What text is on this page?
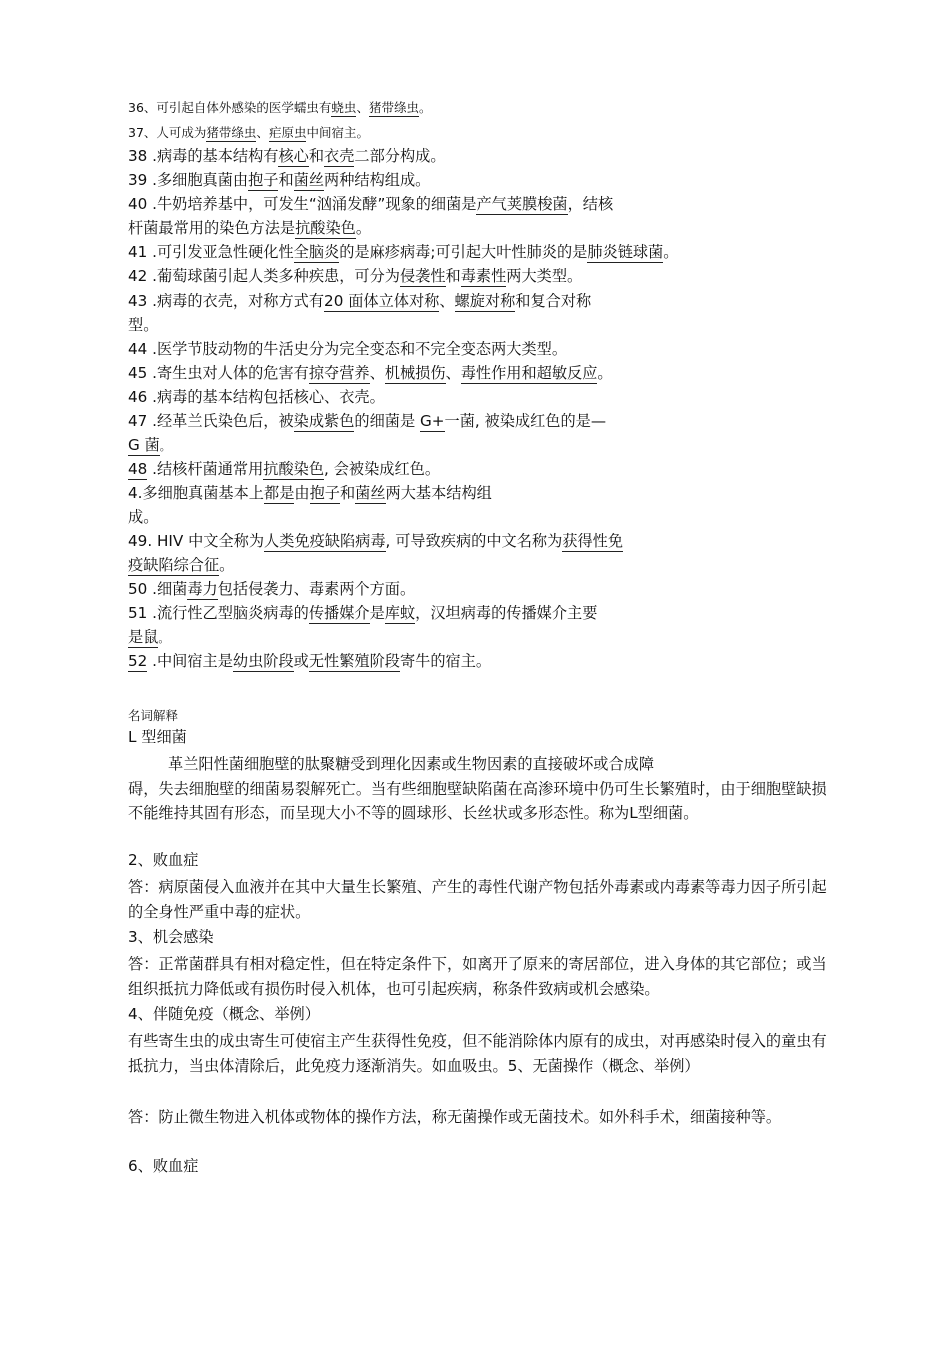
36、可引起自体外感染的医学蠕虫有蛲虫、猪带绦虫。
37、人可成为猪带绦虫、疟原虫中间宿主。
38 .病毒的基本结构有核心和衣壳二部分构成。
39 .多细胞真菌由抱子和菌丝两种结构组成。
40 .牛奶培养基中，可发生“汹涌发酵”现象的细菌是产气荚膜梭菌，结核
杆菌最常用的染色方法是抗酸染色。
41 .可引发亚急性硬化性全脑炎的是麻疹病毒;可引起大叶性肺炎的是肺炎链球菌。
42 .葡萄球菌引起人类多种疾患，可分为侵袭性和毒素性两大类型。
43 .病毒的衣壳，对称方式有20 面体立体对称、螺旋对称和复合对称
型。
44 .医学节肢动物的牛活史分为完全变态和不完全变态两大类型。
45 .寄生虫对人体的危害有掠夺营养、机械损伤、毒性作用和超敏反应。
46 .病毒的基本结构包括核心、衣壳。
47 .经革兰氏染色后，被染成紫色的细菌是 G+一菌, 被染成红色的是—
G 菌。
48 .结核杆菌通常用抗酸染色, 会被染成红色。
4.多细胞真菌基本上都是由抱子和菌丝两大基本结构组
成。
49. HIV 中文全称为人类免疫缺陷病毒, 可导致疾病的中文名称为获得性免
疫缺陷综合征。
50 .细菌毒力包括侵袭力、毒素两个方面。
51 .流行性乙型脑炎病毒的传播媒介是库蚊，汉坦病毒的传播媒介主要
是鼠。
52 .中间宿主是幼虫阶段或无性繁殖阶段寄牛的宿主。
名词解释
L 型细菌
革兰阳性菌细胞壁的肽聚糖受到理化因素或生物因素的直接破坏或合成障
碍，失去细胞壁的细菌易裂解死亡。当有些细胞壁缺陷菌在高渗环境中仍可生长繁殖时，由于细胞壁缺损不能维持其固有形态，而呈现大小不等的圆球形、长丝状或多形态性。称为L型细菌。
2、败血症
答：病原菌侵入血液并在其中大量生长繁殖、产生的毒性代谢产物包括外毒素或内毒素等毒力因子所引起的全身性严重中毒的症状。
3、机会感染
答：正常菌群具有相对稳定性，但在特定条件下，如离开了原来的寄居部位，进入身体的其它部位；或当组织抵抗力降低或有损伤时侵入机体，也可引起疾病，称条件致病或机会感染。
4、伴随免疫（概念、举例）
有些寄生虫的成虫寄生可使宿主产生获得性免疫，但不能消除体内原有的成虫，对再感染时侵入的童虫有抵抗力，当虫体清除后，此免疫力逐渐消失。如血吸虫。5、无菌操作（概念、举例）
答：防止微生物进入机体或物体的操作方法，称无菌操作或无菌技术。如外科手术，细菌接种等。
6、败血症
